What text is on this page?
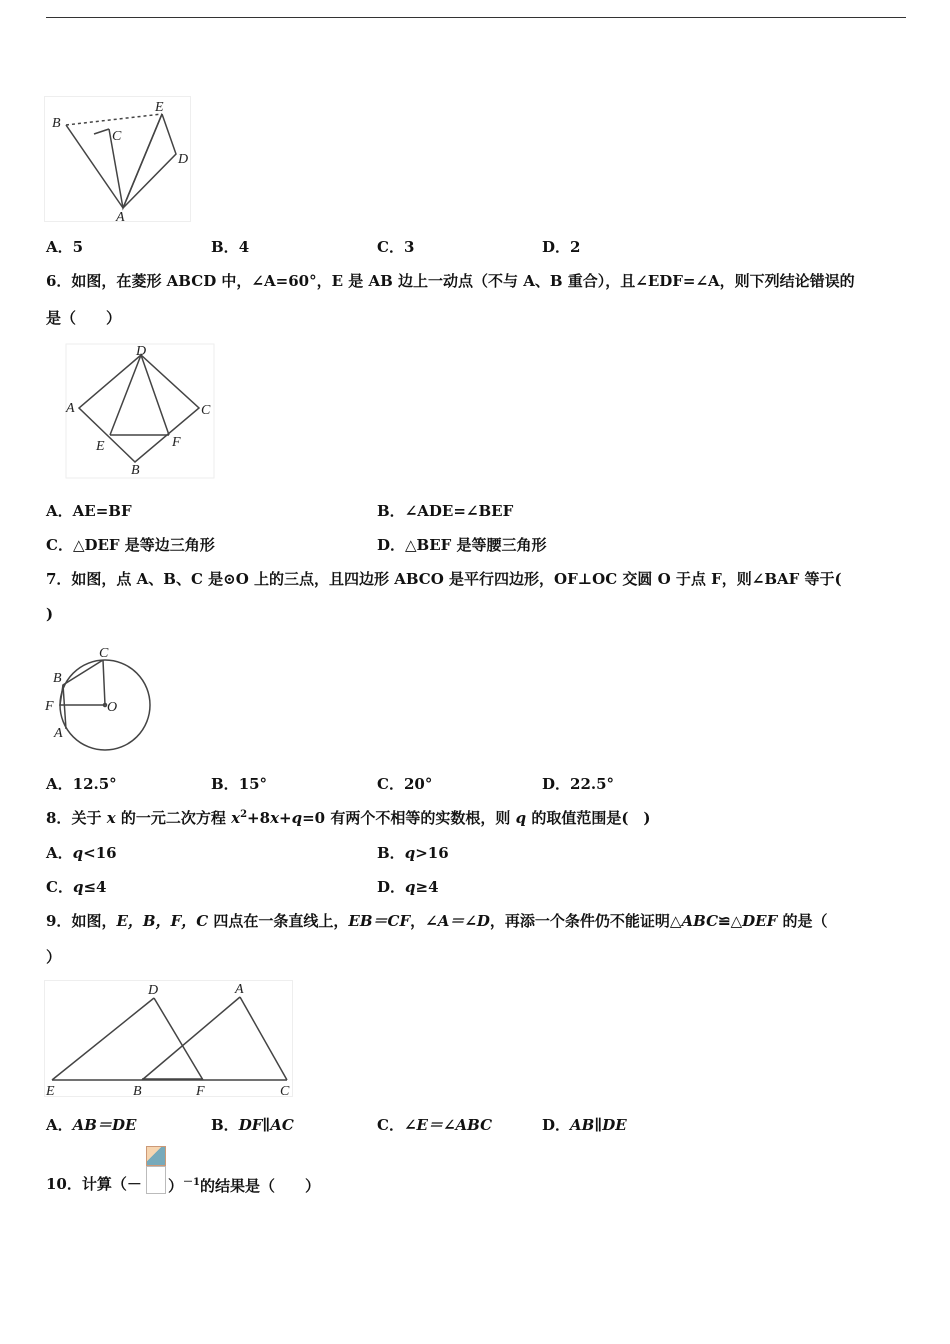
B
C
E
D
A
A．5	B．4	C．3	D．2
6．如图，在菱形 ABCD 中，∠A=60°，E 是 AB 边上一动点（不与 A、B 重合），且∠EDF=∠A，则下列结论错误的
是（　　）
D
A	C
E	F
B
A．AE=BF	B．∠ADE=∠BEF
C．△DEF 是等边三角形	D．△BEF 是等腰三角形
7．如图，点 A、B、C 是⊙O 上的三点，且四边形 ABCO 是平行四边形，OF⊥OC 交圆 O 于点 F，则∠BAF 等于(
)
C
B
F	O
A
A．12.5°	B．15°	C．20°	D．22.5°
8．关于 x 的一元二次方程 $x^2+8x+q=0$ 有两个不相等的实数根，则 q 的取值范围是(　)
A．q<16	B．q>16
C．q≤4	D．q≥4
9．如图，E，B，F，C 四点在一条直线上，EB＝CF，∠A＝∠D，再添一个条件仍不能证明△ABC≌△DEF 的是（
）
D	A
E	B	F	C
A．AB＝DE	B．DF∥AC	C．∠E＝∠ABC	D．AB∥DE
10．计算（－ ）$^{-1}$的结果是（　　）
